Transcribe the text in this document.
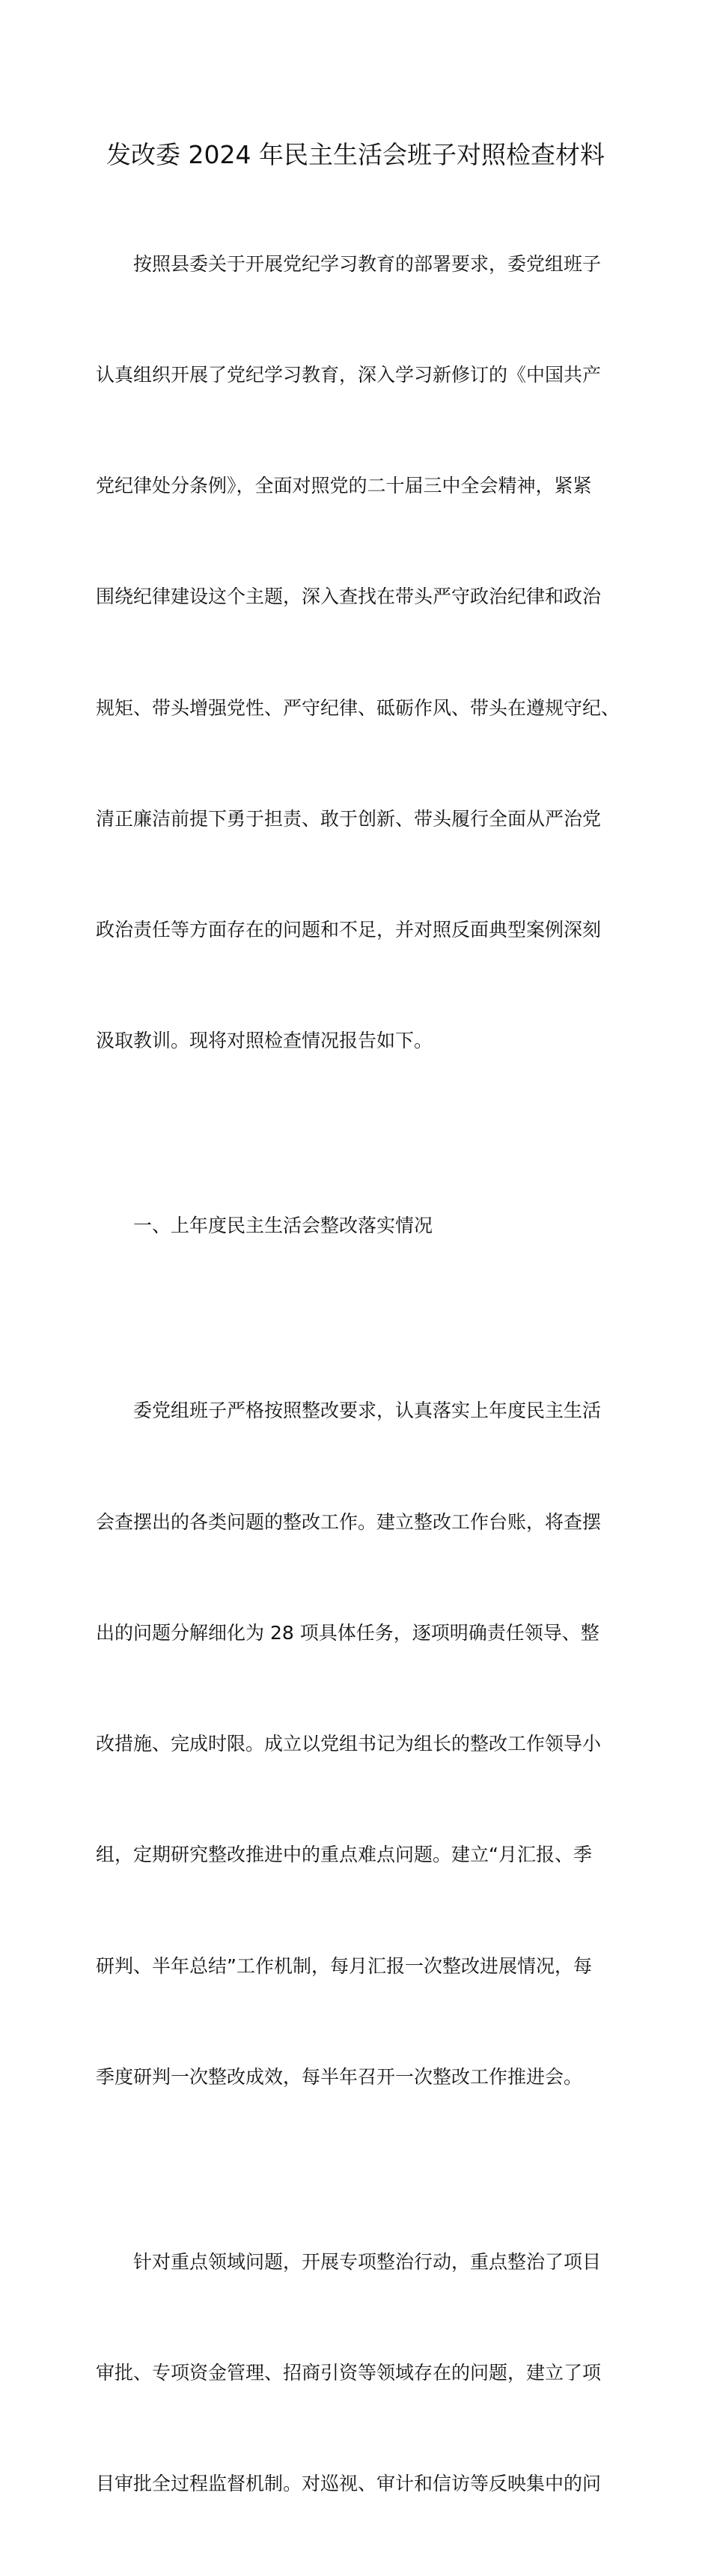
发改委 2024 年民主生活会班子对照检查材料

按照县委关于开展党纪学习教育的部署要求，委党组班子

认真组织开展了党纪学习教育，深入学习新修订的《中国共产

党纪律处分条例》，全面对照党的二十届三中全会精神，紧紧

围绕纪律建设这个主题，深入查找在带头严守政治纪律和政治

规矩、带头增强党性、严守纪律、砥砺作风、带头在遵规守纪、

清正廉洁前提下勇于担责、敢于创新、带头履行全面从严治党

政治责任等方面存在的问题和不足，并对照反面典型案例深刻

汲取教训。现将对照检查情况报告如下。

一、上年度民主生活会整改落实情况

委党组班子严格按照整改要求，认真落实上年度民主生活

会查摆出的各类问题的整改工作。建立整改工作台账，将查摆

出的问题分解细化为 28 项具体任务，逐项明确责任领导、整

改措施、完成时限。成立以党组书记为组长的整改工作领导小

组，定期研究整改推进中的重点难点问题。建立“月汇报、季

研判、半年总结”工作机制，每月汇报一次整改进展情况，每

季度研判一次整改成效，每半年召开一次整改工作推进会。

针对重点领域问题，开展专项整治行动，重点整治了项目

审批、专项资金管理、招商引资等领域存在的问题，建立了项

目审批全过程监督机制。对巡视、审计和信访等反映集中的问
